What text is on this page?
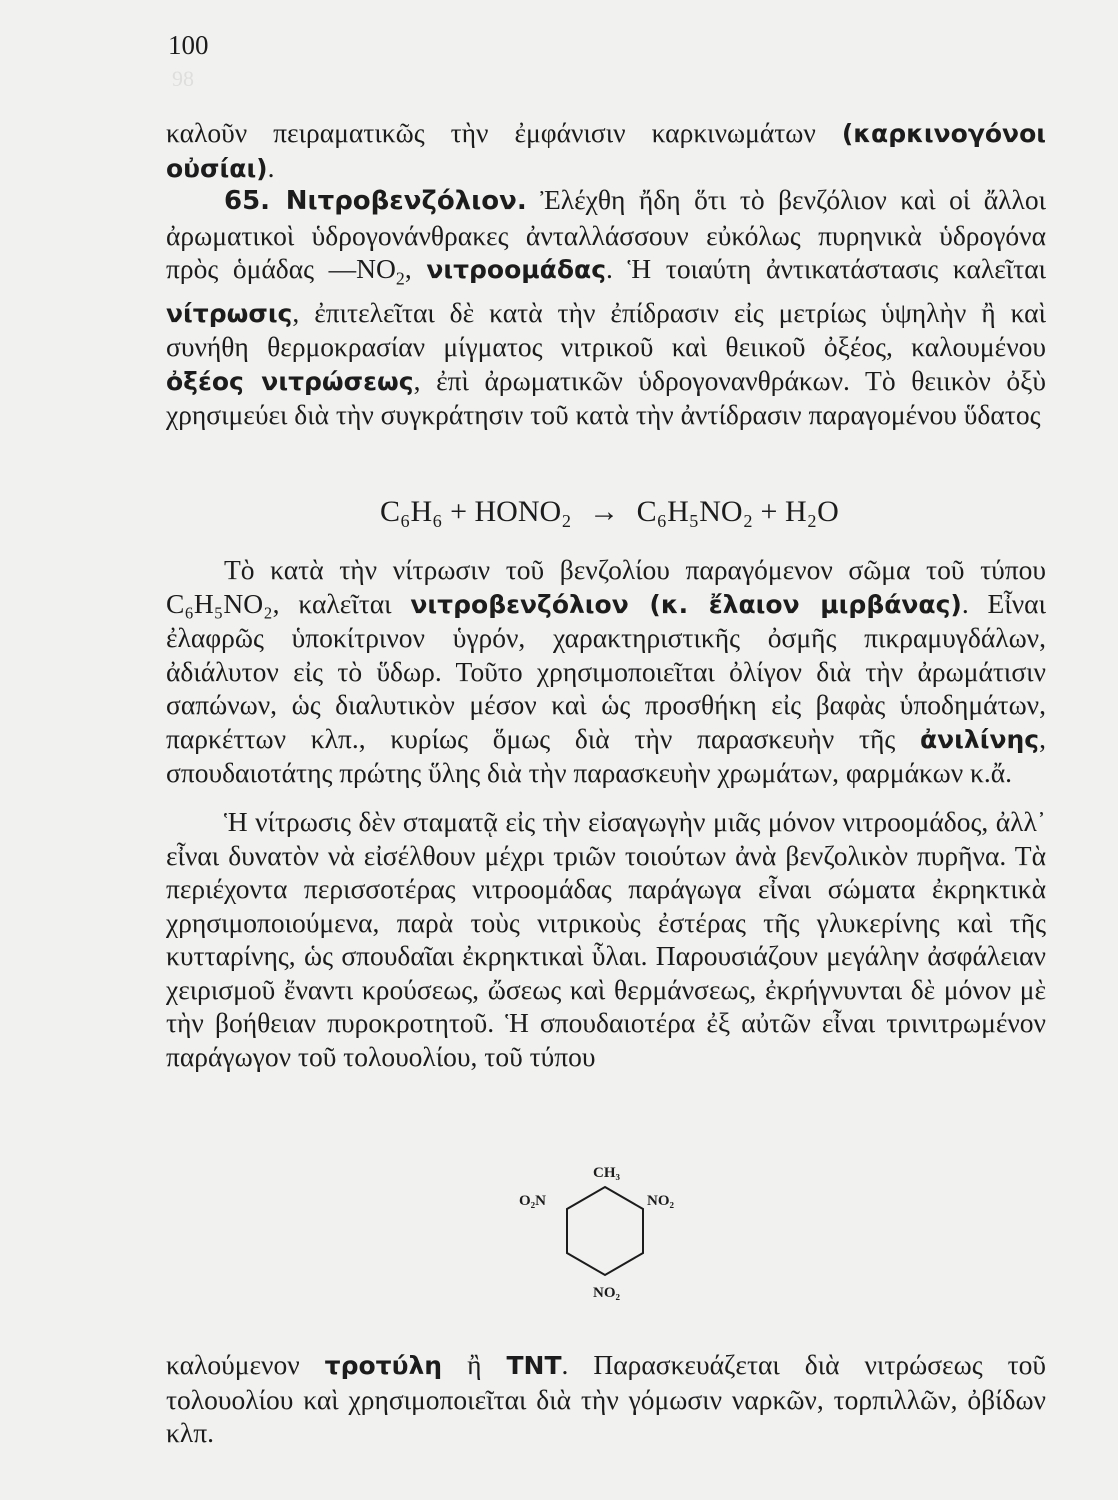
98
100

καλοῦν πειραματικῶς τὴν ἐμφάνισιν καρκινωμάτων (καρκινογόνοι οὐσίαι).

65. Νιτροβενζόλιον. Ἐλέχθη ἤδη ὅτι τὸ βενζόλιον καὶ οἱ ἄλλοι ἀρωματικοὶ ὑδρογονάνθρακες ἀνταλλάσσουν εὐκόλως πυρηνικὰ ὑδρογόνα πρὸς ὁμάδας $—NO_2$, νιτροομάδας. Ἡ τοιαύτη ἀντικατάστασις καλεῖται νίτρωσις, ἐπιτελεῖται δὲ κατὰ τὴν ἐπίδρασιν εἰς μετρίως ὑψηλὴν ἢ καὶ συνήθη θερμοκρασίαν μίγματος νιτρικοῦ καὶ θειικοῦ ὀξέος, καλουμένου ὀξέος νιτρώσεως, ἐπὶ ἀρωματικῶν ὑδρογονανθράκων. Τὸ θειικὸν ὀξὺ χρησιμεύει διὰ τὴν συγκράτησιν τοῦ κατὰ τὴν ἀντίδρασιν παραγομένου ὕδατος

C₆H₆ + HONO₂ → C₆H₅NO₂ + H₂O

Τὸ κατὰ τὴν νίτρωσιν τοῦ βενζολίου παραγόμενον σῶμα τοῦ τύπου C₆H₅NO₂, καλεῖται νιτροβενζόλιον (κ. ἔλαιον μιρβάνας). Εἶναι ἐλαφρῶς ὑποκίτρινον ὑγρόν, χαρακτηριστικῆς ὀσμῆς πικραμυγδάλων, ἀδιάλυτον εἰς τὸ ὕδωρ. Τοῦτο χρησιμοποιεῖται ὀλίγον διὰ τὴν ἀρωμάτισιν σαπώνων, ὡς διαλυτικὸν μέσον καὶ ὡς προσθήκη εἰς βαφὰς ὑποδημάτων, παρκέττων κλπ., κυρίως ὅμως διὰ τὴν παρασκευὴν τῆς ἀνιλίνης, σπουδαιοτάτης πρώτης ὕλης διὰ τὴν παρασκευὴν χρωμάτων, φαρμάκων κ.ἄ.

Ἡ νίτρωσις δὲν σταματᾷ εἰς τὴν εἰσαγωγὴν μιᾶς μόνον νιτροομάδος, ἀλλ᾽ εἶναι δυνατὸν νὰ εἰσέλθουν μέχρι τριῶν τοιούτων ἀνὰ βενζολικὸν πυρῆνα. Τὰ περιέχοντα περισσοτέρας νιτροομάδας παράγωγα εἶναι σώματα ἐκρηκτικὰ χρησιμοποιούμενα, παρὰ τοὺς νιτρικοὺς ἐστέρας τῆς γλυκερίνης καὶ τῆς κυτταρίνης, ὡς σπουδαῖαι ἐκρηκτικαὶ ὗλαι. Παρουσιάζουν μεγάλην ἀσφάλειαν χειρισμοῦ ἔναντι κρούσεως, ὤσεως καὶ θερμάνσεως, ἐκρήγνυνται δὲ μόνον μὲ τὴν βοήθειαν πυροκροτητοῦ. Ἡ σπουδαιοτέρα ἐξ αὐτῶν εἶναι τρινιτρωμένον παράγωγον τοῦ τολουολίου, τοῦ τύπου

CH₃
O₂N	NO₂
NO₂

καλούμενον τροτύλη ἢ TNT. Παρασκευάζεται διὰ νιτρώσεως τοῦ τολουολίου καὶ χρησιμοποιεῖται διὰ τὴν γόμωσιν ναρκῶν, τορπιλλῶν, ὀβίδων κλπ.
